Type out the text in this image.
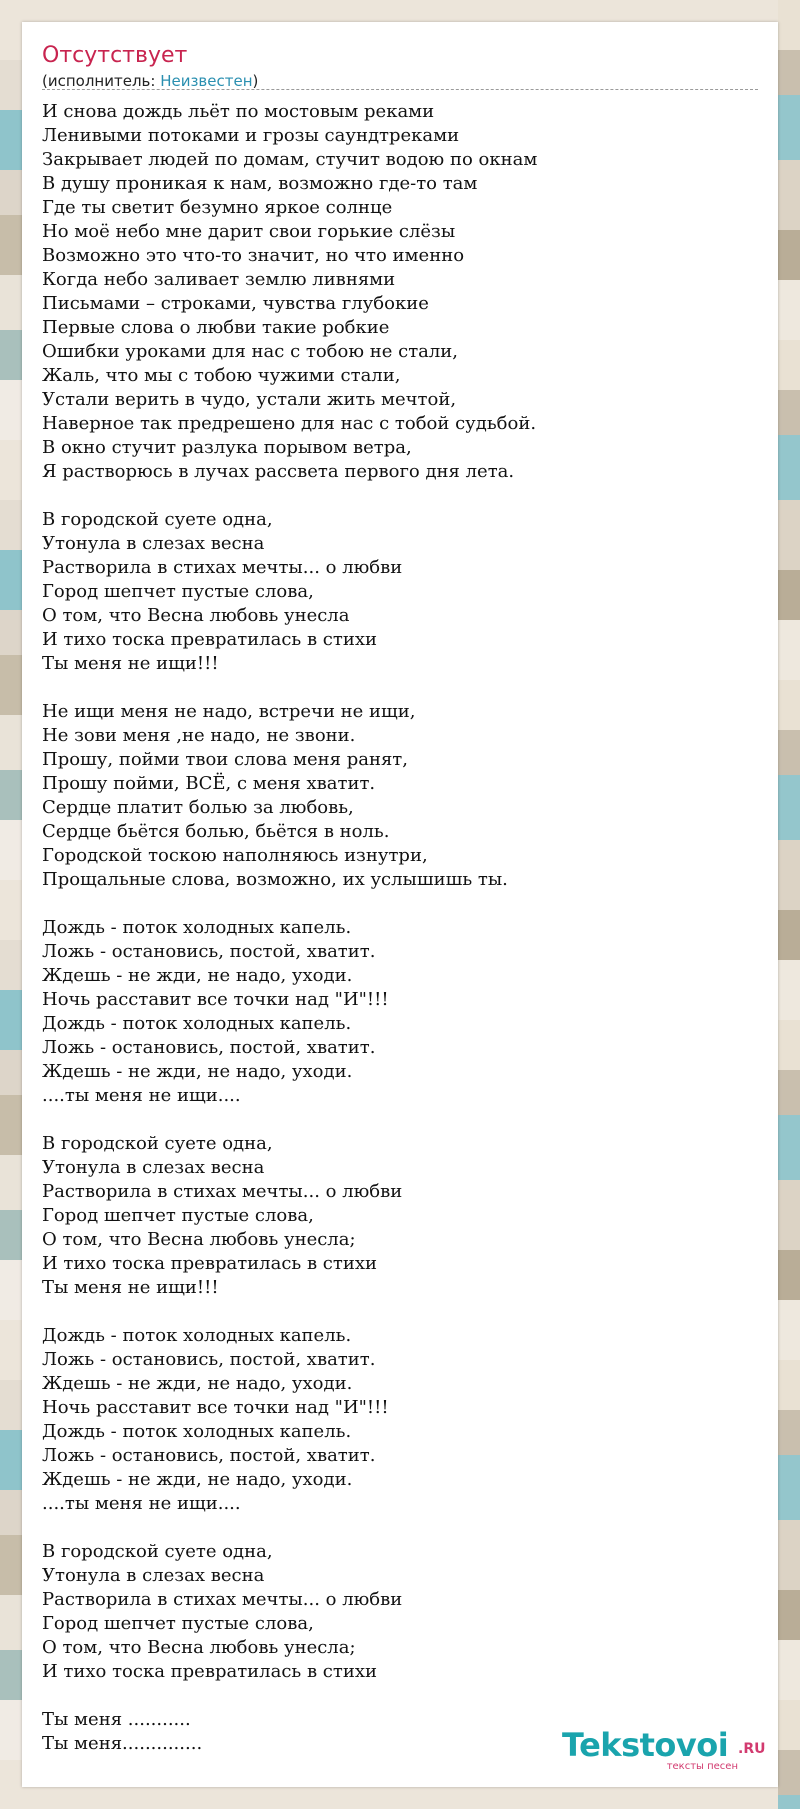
Отсутствует
(исполнитель: Неизвестен)
И снова дождь льёт по мостовым реками
Ленивыми потоками и грозы саундтреками
Закрывает людей по домам, стучит водою по окнам
В душу проникая к нам, возможно где-то там
Где ты светит безумно яркое солнце
Но моё небо мне дарит свои горькие слёзы
Возможно это что-то значит, но что именно
Когда небо заливает землю ливнями
Письмами – строками, чувства глубокие
Первые слова о любви такие робкие
Ошибки уроками для нас с тобою не стали,
Жаль, что мы с тобою чужими стали,
Устали верить в чудо, устали жить мечтой,
Наверное так предрешено для нас с тобой судьбой.
В окно стучит разлука порывом ветра,
Я растворюсь в лучах рассвета первого дня лета.
В городской суете одна,
Утонула в слезах весна
Растворила в стихах мечты... о любви
Город шепчет пустые слова,
О том, что Весна любовь унесла
И тихо тоска превратилась в стихи
Ты меня не ищи!!!
Не ищи меня не надо, встречи не ищи,
Не зови меня ,не надо, не звони.
Прошу, пойми твои слова меня ранят,
Прошу пойми, ВСЁ, с меня хватит.
Сердце платит болью за любовь,
Сердце бьётся болью, бьётся в ноль.
Городской тоскою наполняюсь изнутри,
Прощальные слова, возможно, их услышишь ты.
Дождь - поток холодных капель.
Ложь - остановись, постой, хватит.
Ждешь - не жди, не надо, уходи.
Ночь расставит все точки над "И"!!!
Дождь - поток холодных капель.
Ложь - остановись, постой, хватит.
Ждешь - не жди, не надо, уходи.
....ты меня не ищи....
В городской суете одна,
Утонула в слезах весна
Растворила в стихах мечты... о любви
Город шепчет пустые слова,
О том, что Весна любовь унесла;
И тихо тоска превратилась в стихи
Ты меня не ищи!!!
Дождь - поток холодных капель.
Ложь - остановись, постой, хватит.
Ждешь - не жди, не надо, уходи.
Ночь расставит все точки над "И"!!!
Дождь - поток холодных капель.
Ложь - остановись, постой, хватит.
Ждешь - не жди, не надо, уходи.
....ты меня не ищи....
В городской суете одна,
Утонула в слезах весна
Растворила в стихах мечты... о любви
Город шепчет пустые слова,
О том, что Весна любовь унесла;
И тихо тоска превратилась в стихи
Ты меня ...........
Ты меня..............	Tekstovoi .RU
тексты песен
